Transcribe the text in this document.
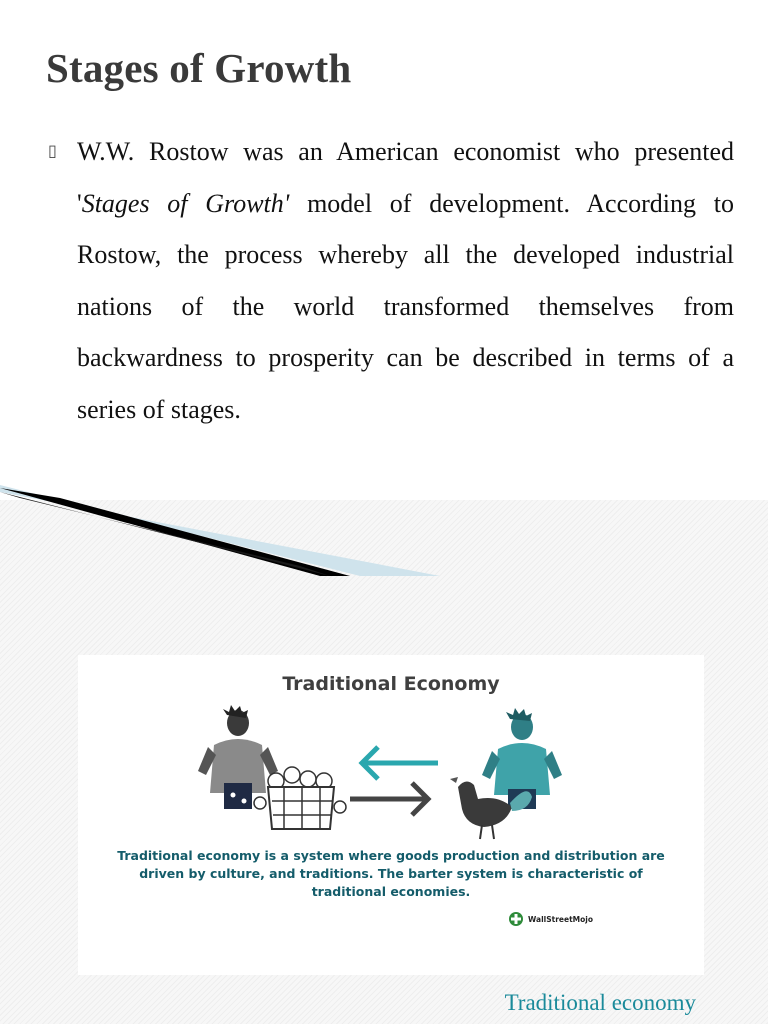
Stages of Growth
▯ W.W. Rostow was an American economist who presented 'Stages of Growth' model of development. According to Rostow, the process whereby all the developed industrial nations of the world transformed themselves from backwardness to prosperity can be described in terms of a series of stages.

Traditional Economy
Traditional economy is a system where goods production and distribution are driven by culture, and traditions. The barter system is characteristic of traditional economies.
WallStreetMojo
Traditional economy
